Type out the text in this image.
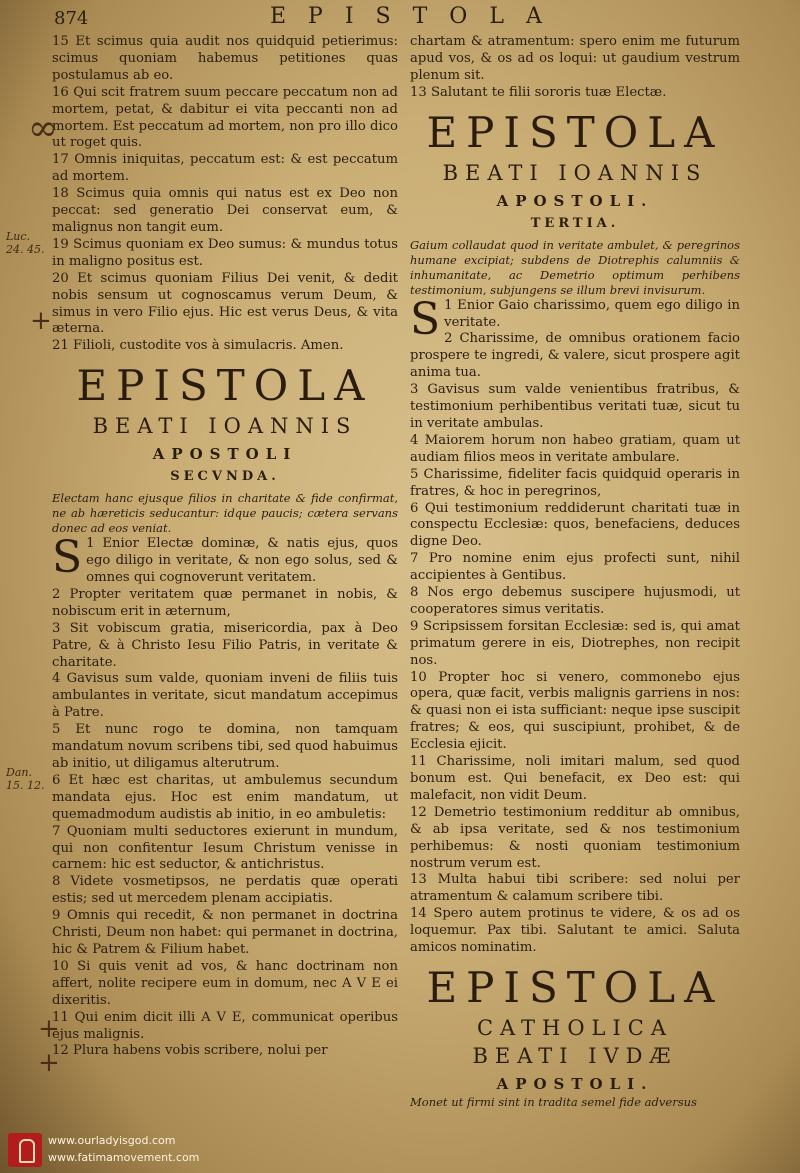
874	EPISTOLA

15 Et scimus quia audit nos quidquid petierimus: scimus quoniam habemus petitiones quas postulamus ab eo.

16 Qui scit fratrem suum peccare peccatum non ad mortem, petat, & dabitur ei vita peccanti non ad mortem. Est peccatum ad mortem, non pro illo dico ut roget quis.

17 Omnis iniquitas, peccatum est: & est peccatum ad mortem.

18 Scimus quia omnis qui natus est ex Deo non peccat: sed generatio Dei conservat eum, & malignus non tangit eum.

19 Scimus quoniam ex Deo sumus: & mundus totus in maligno positus est.

20 Et scimus quoniam Filius Dei venit, & dedit nobis sensum ut cognoscamus verum Deum, & simus in vero Filio ejus. Hic est verus Deus, & vita æterna.

21 Filioli, custodite vos à simulacris. Amen.

EPISTOLA
BEATI IOANNIS
APOSTOLI
SECVNDA.

Electam hanc ejusque filios in charitate & fide confirmat, ne ab hæreticis seducantur: idque paucis; cætera servans donec ad eos veniat.

S 1 Enior Electæ dominæ, & natis ejus, quos ego diligo in veritate, & non ego solus, sed & omnes qui cognoverunt veritatem.

2 Propter veritatem quæ permanet in nobis, & nobiscum erit in æternum,

3 Sit vobiscum gratia, misericordia, pax à Deo Patre, & à Christo Iesu Filio Patris, in veritate & charitate.

4 Gavisus sum valde, quoniam inveni de filiis tuis ambulantes in veritate, sicut mandatum accepimus à Patre.

5 Et nunc rogo te domina, non tamquam mandatum novum scribens tibi, sed quod habuimus ab initio, ut diligamus alterutrum.

6 Et hæc est charitas, ut ambulemus secundum mandata ejus. Hoc est enim mandatum, ut quemadmodum audistis ab initio, in eo ambuletis:

7 Quoniam multi seductores exierunt in mundum, qui non confitentur Iesum Christum venisse in carnem: hic est seductor, & antichristus.

8 Videte vosmetipsos, ne perdatis quæ operati estis; sed ut mercedem plenam accipiatis.

9 Omnis qui recedit, & non permanet in doctrina Christi, Deum non habet: qui permanet in doctrina, hic & Patrem & Filium habet.

10 Si quis venit ad vos, & hanc doctrinam non affert, nolite recipere eum in domum, nec A V E ei dixeritis.

11 Qui enim dicit illi A V E, communicat operibus ejus malignis.

12 Plura habens vobis scribere, nolui per

chartam & atramentum: spero enim me futurum apud vos, & os ad os loqui: ut gaudium vestrum plenum sit.

13 Salutant te filii sororis tuæ Electæ.

EPISTOLA
BEATI IOANNIS
APOSTOLI.
TERTIA.

Gaium collaudat quod in veritate ambulet, & peregrinos humane excipiat; subdens de Diotrephis calumniis & inhumanitate, ac Demetrio optimum perhibens testimonium, subjungens se illum brevi invisurum.

S 1 Enior Gaio charissimo, quem ego diligo in veritate.

2 Charissime, de omnibus orationem facio prospere te ingredi, & valere, sicut prospere agit anima tua.

3 Gavisus sum valde venientibus fratribus, & testimonium perhibentibus veritati tuæ, sicut tu in veritate ambulas.

4 Maiorem horum non habeo gratiam, quam ut audiam filios meos in veritate ambulare.

5 Charissime, fideliter facis quidquid operaris in fratres, & hoc in peregrinos,

6 Qui testimonium reddiderunt charitati tuæ in conspectu Ecclesiæ: quos, benefaciens, deduces digne Deo.

7 Pro nomine enim ejus profecti sunt, nihil accipientes à Gentibus.

8 Nos ergo debemus suscipere hujusmodi, ut cooperatores simus veritatis.

9 Scripsissem forsitan Ecclesiæ: sed is, qui amat primatum gerere in eis, Diotrephes, non recipit nos.

10 Propter hoc si venero, commonebo ejus opera, quæ facit, verbis malignis garriens in nos: & quasi non ei ista sufficiant: neque ipse suscipit fratres; & eos, qui suscipiunt, prohibet, & de Ecclesia ejicit.

11 Charissime, noli imitari malum, sed quod bonum est. Qui benefacit, ex Deo est: qui malefacit, non vidit Deum.

12 Demetrio testimonium redditur ab omnibus, & ab ipsa veritate, sed & nos testimonium perhibemus: & nosti quoniam testimonium nostrum verum est.

13 Multa habui tibi scribere: sed nolui per atramentum & calamum scribere tibi.

14 Spero autem protinus te videre, & os ad os loquemur. Pax tibi. Salutant te amici. Saluta amicos nominatim.

EPISTOLA
CATHOLICA
BEATI IVDÆ
APOSTOLI.

Monet ut firmi sint in tradita semel fide adversus

Luc. 24. 45.
Dan. 15. 12.
+
+
+
∞
www.ourladyisgod.com
www.fatimamovement.com
